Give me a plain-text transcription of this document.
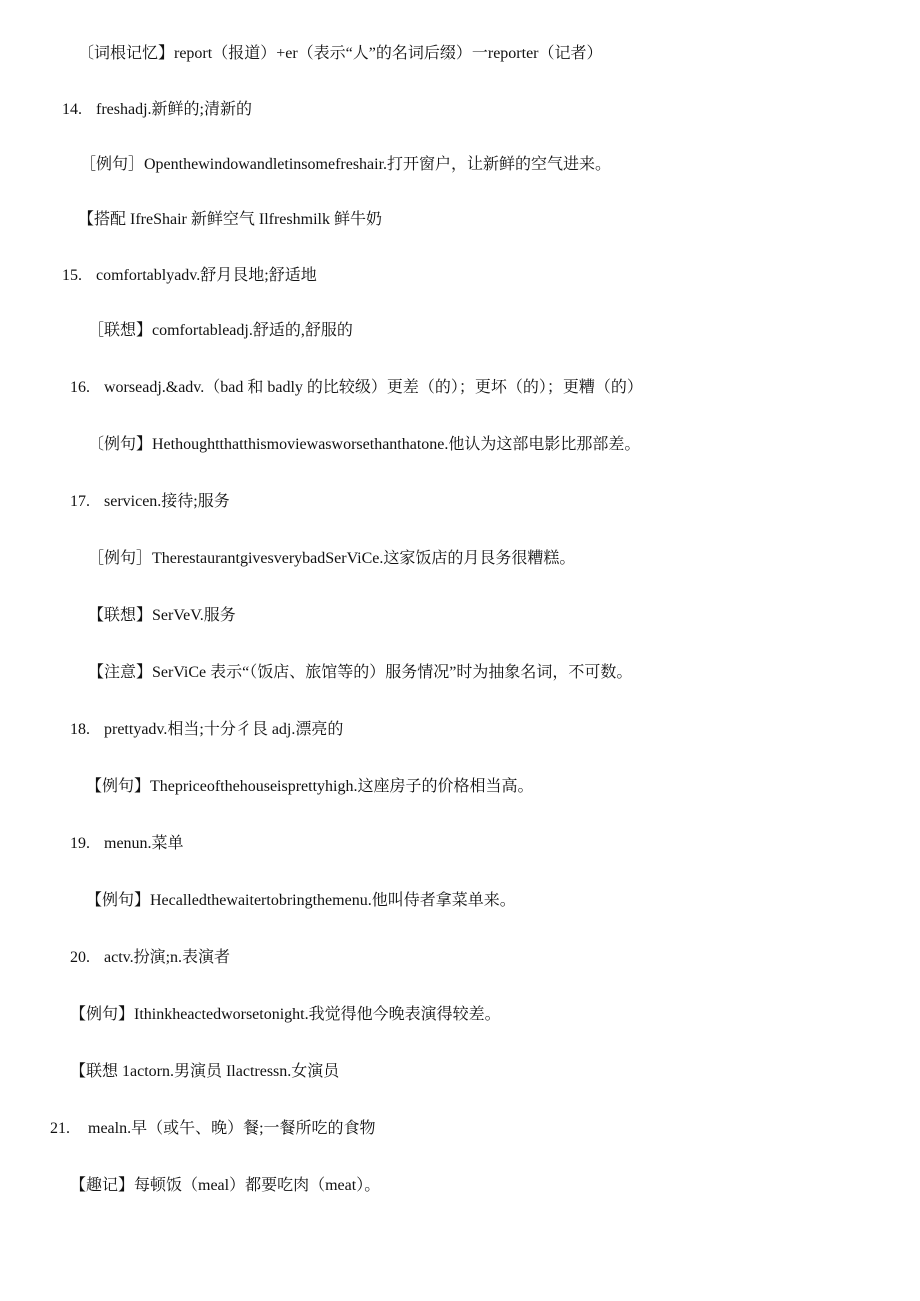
〔词根记忆】report（报道）+er（表示“人”的名词后缀）一reporter（记者）
14. freshadj.新鲜的;清新的
［例句］Openthewindowandletinsomefreshair.打开窗户，让新鲜的空气进来。
【搭配 IfreShair 新鲜空气 Ilfreshmilk 鲜牛奶
15. comfortablyadv.舒月艮地;舒适地
［联想】comfortableadj.舒适的,舒服的
16. worseadj.&adv.（bad 和 badly 的比较级）更差（的）；更坏（的）；更糟（的）
〔例句】Hethoughtthatthismoviewasworsethanthatone.他认为这部电影比那部差。
17. servicen.接待;服务
［例句］TherestaurantgivesverybadSerViCe.这家饭店的月艮务很糟糕。
【联想】SerVeV.服务
【注意】SerViCe 表示“（饭店、旅馆等的）服务情况”时为抽象名词，不可数。
18. prettyadv.相当;十分彳艮 adj.漂亮的
【例句】Thepriceofthehouseisprettyhigh.这座房子的价格相当高。
19. menun.菜单
【例句】Hecalledthewaitertobringthemenu.他叫侍者拿菜单来。
20. actv.扮演;n.表演者
【例句】Ithinkheactedworsetonight.我觉得他今晚表演得较差。
【联想 1actorn.男演员 Ilactressn.女演员
21. mealn.早（或午、晚）餐;一餐所吃的食物
【趣记】每顿饭（meal）都要吃肉（meat）。
